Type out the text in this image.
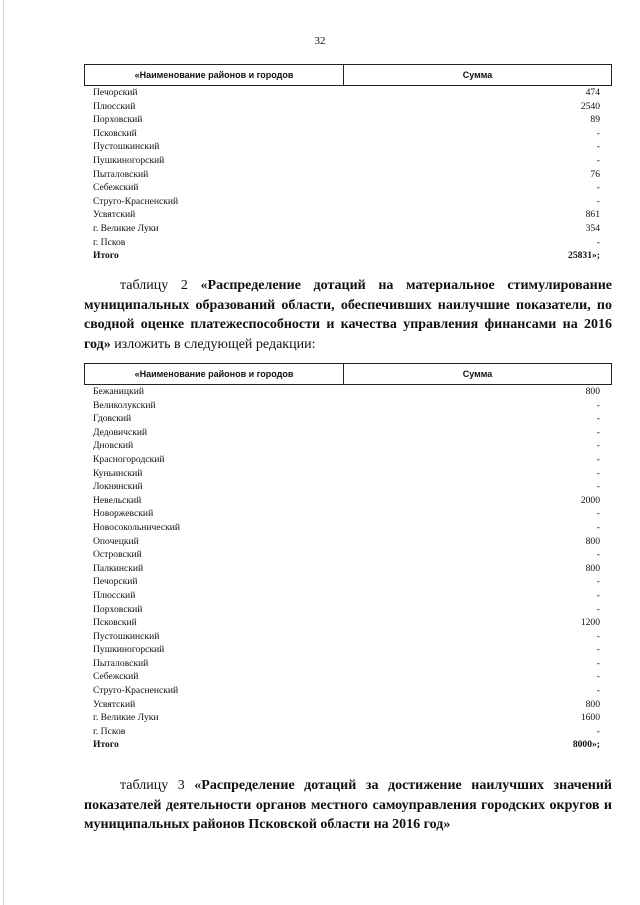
32
«Наименование районов и городов	Сумма
Печорский	474
Плюсский	2540
Порховский	89
Псковский	-
Пустошкинский	-
Пушкиногорский	-
Пыталовский	76
Себежский	-
Струго-Красненский	-
Усвятский	861
г. Великие Луки	354
г. Псков	-
Итого	25831»;
таблицу 2 «Распределение дотаций на материальное стимулирование муниципальных образований области, обеспечивших наилучшие показатели, по сводной оценке платежеспособности и качества управления финансами на 2016 год» изложить в следующей редакции:
«Наименование районов и городов	Сумма
Бежаницкий	800
Великолукский	-
Гдовский	-
Дедовичский	-
Дновский	-
Красногородский	-
Куньинский	-
Локнянский	-
Невельский	2000
Новоржевский	-
Новосокольнический	-
Опочецкий	800
Островский	-
Палкинский	800
Печорский	-
Плюсский	-
Порховский	-
Псковский	1200
Пустошкинский	-
Пушкиногорский	-
Пыталовский	-
Себежский	-
Струго-Красненский	-
Усвятский	800
г. Великие Луки	1600
г. Псков	-
Итого	8000»;
таблицу 3 «Распределение дотаций за достижение наилучших значений показателей деятельности органов местного самоуправления городских округов и муниципальных районов Псковской области на 2016 год»
